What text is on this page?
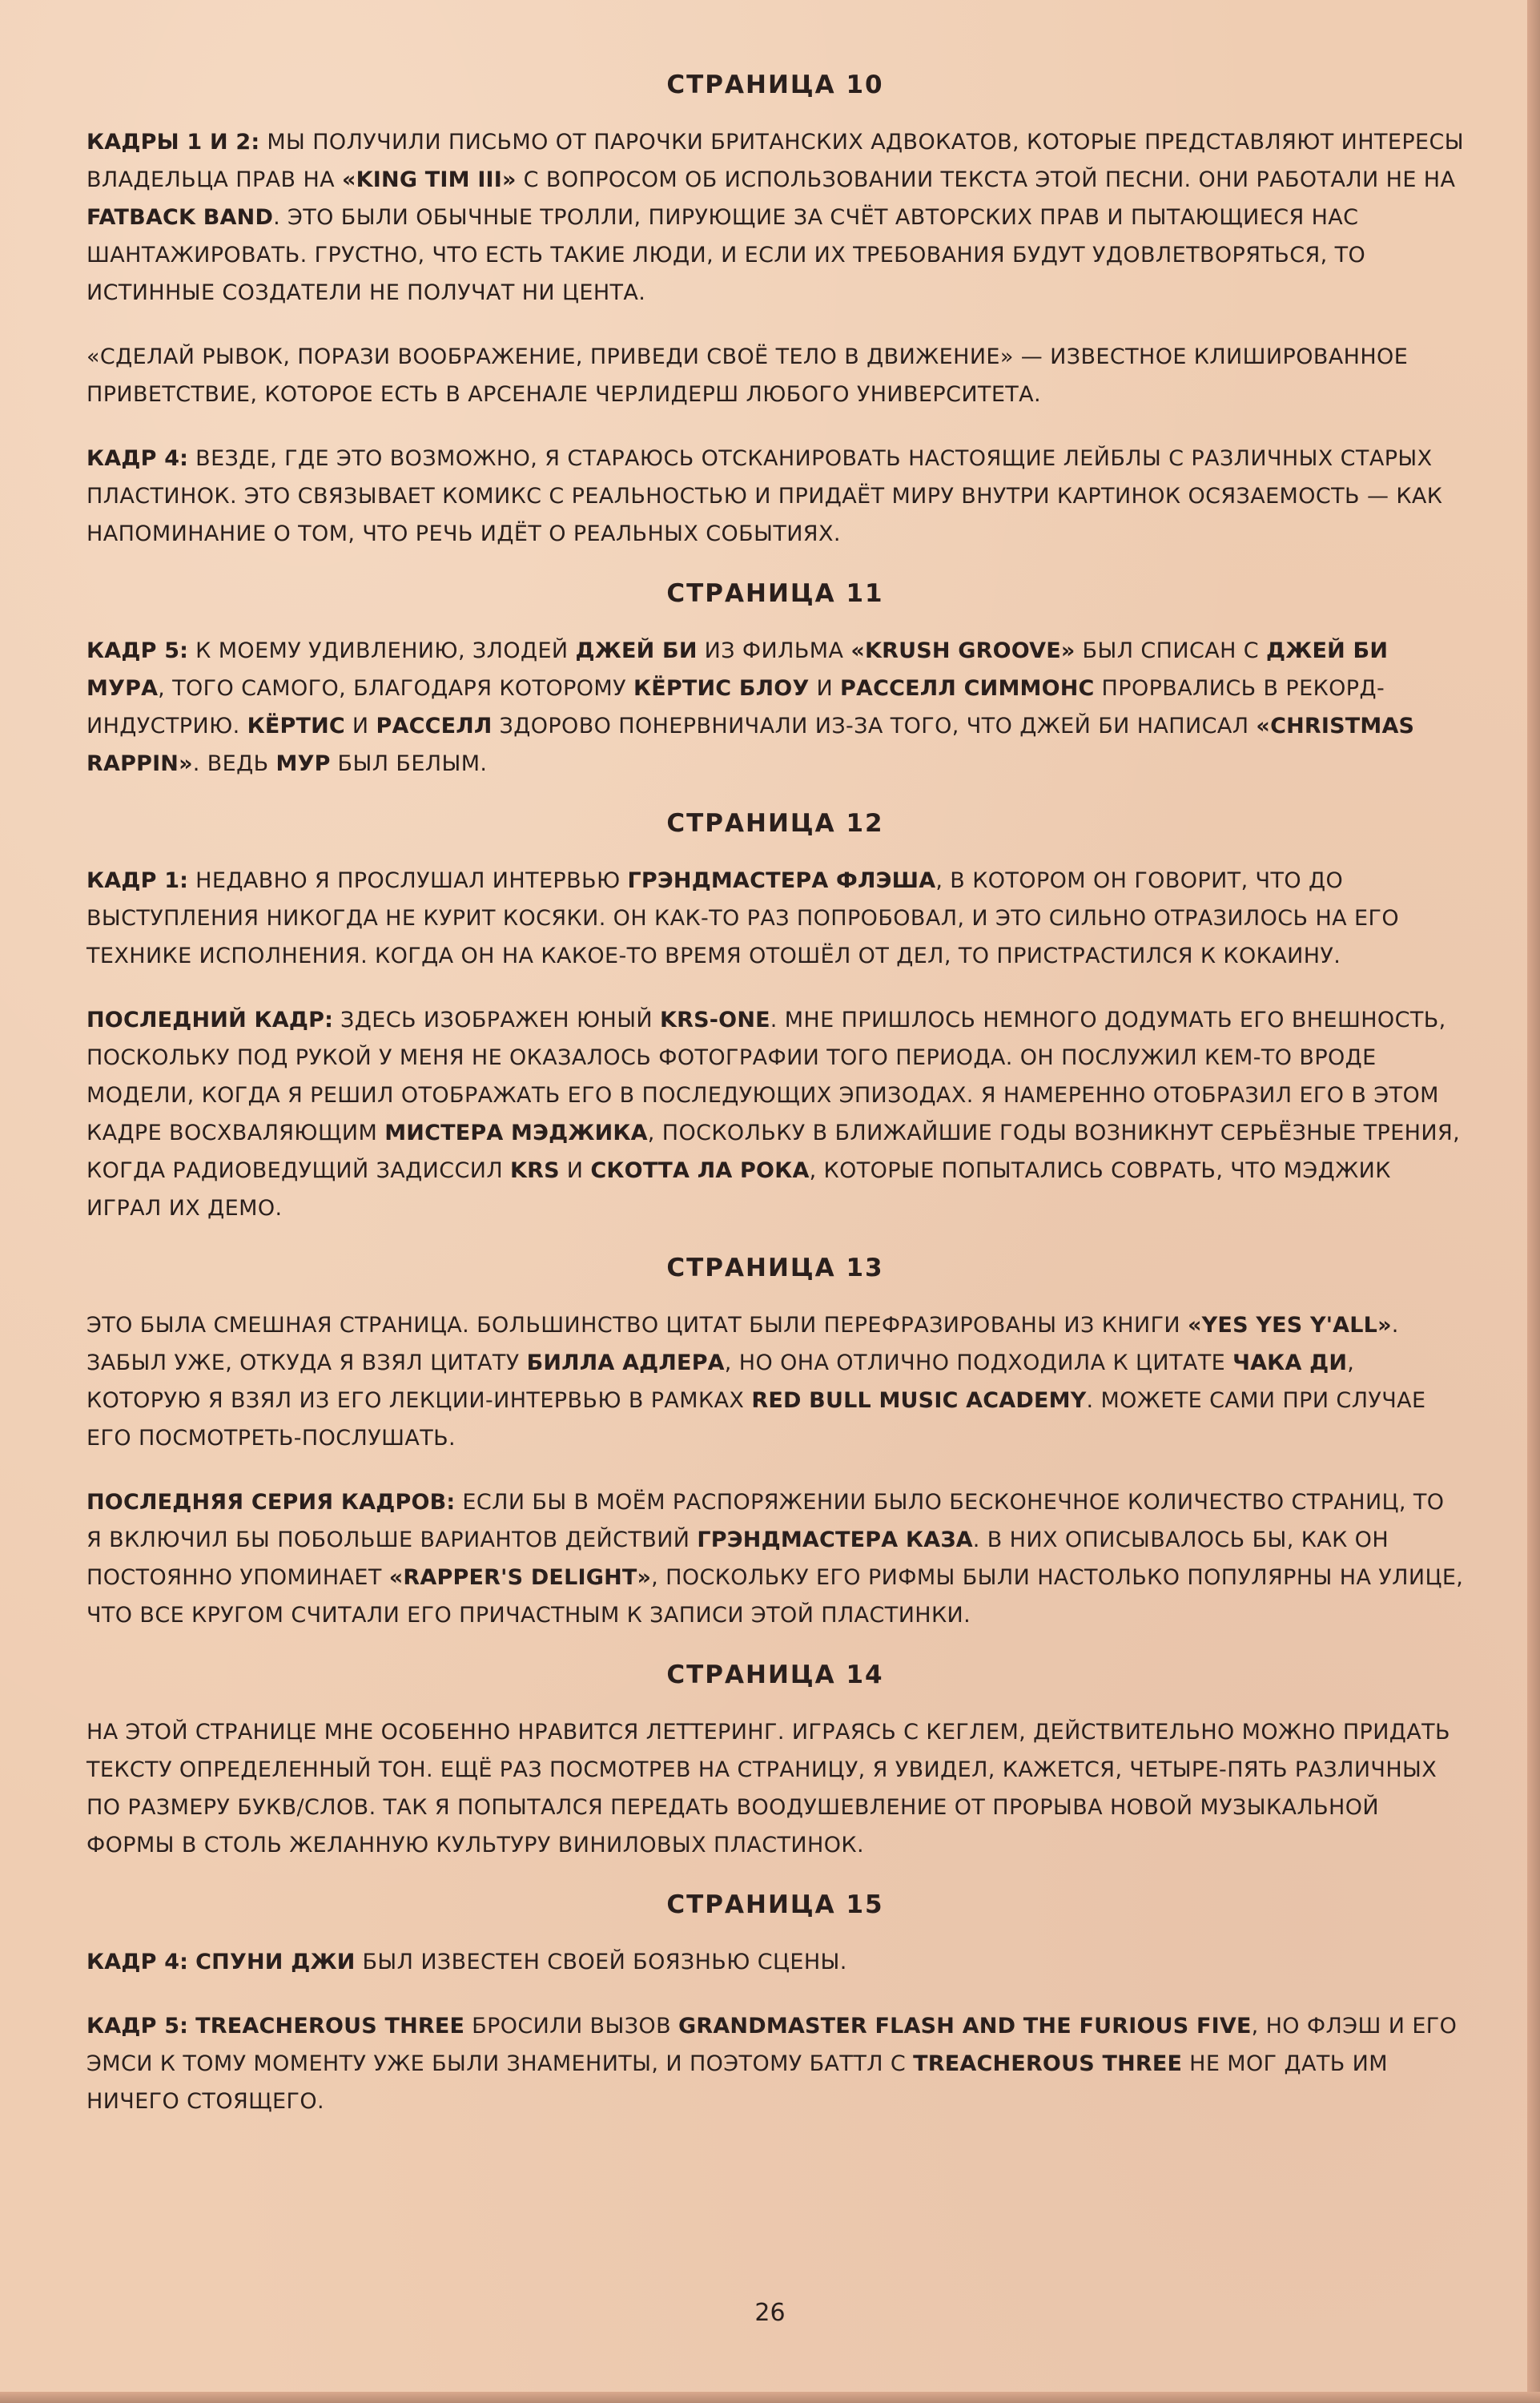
СТРАНИЦА 10

КАДРЫ 1 И 2: МЫ ПОЛУЧИЛИ ПИСЬМО ОТ ПАРОЧКИ БРИТАНСКИХ АДВОКАТОВ, КОТОРЫЕ ПРЕДСТАВЛЯЮТ ИНТЕРЕСЫ ВЛАДЕЛЬЦА ПРАВ НА «KING TIM III» С ВОПРОСОМ ОБ ИСПОЛЬЗОВАНИИ ТЕКСТА ЭТОЙ ПЕСНИ. ОНИ РАБОТАЛИ НЕ НА FATBACK BAND. ЭТО БЫЛИ ОБЫЧНЫЕ ТРОЛЛИ, ПИРУЮЩИЕ ЗА СЧЁТ АВТОРСКИХ ПРАВ И ПЫТАЮЩИЕСЯ НАС ШАНТАЖИРОВАТЬ. ГРУСТНО, ЧТО ЕСТЬ ТАКИЕ ЛЮДИ, И ЕСЛИ ИХ ТРЕБОВАНИЯ БУДУТ УДОВЛЕТВОРЯТЬСЯ, ТО ИСТИННЫЕ СОЗДАТЕЛИ НЕ ПОЛУЧАТ НИ ЦЕНТА.

«СДЕЛАЙ РЫВОК, ПОРАЗИ ВООБРАЖЕНИЕ, ПРИВЕДИ СВОЁ ТЕЛО В ДВИЖЕНИЕ» — ИЗВЕСТНОЕ КЛИШИРОВАННОЕ ПРИВЕТСТВИЕ, КОТОРОЕ ЕСТЬ В АРСЕНАЛЕ ЧЕРЛИДЕРШ ЛЮБОГО УНИВЕРСИТЕТА.

КАДР 4: ВЕЗДЕ, ГДЕ ЭТО ВОЗМОЖНО, Я СТАРАЮСЬ ОТСКАНИРОВАТЬ НАСТОЯЩИЕ ЛЕЙБЛЫ С РАЗЛИЧНЫХ СТАРЫХ ПЛАСТИНОК. ЭТО СВЯЗЫВАЕТ КОМИКС С РЕАЛЬНОСТЬЮ И ПРИДАЁТ МИРУ ВНУТРИ КАРТИНОК ОСЯЗАЕМОСТЬ — КАК НАПОМИНАНИЕ О ТОМ, ЧТО РЕЧЬ ИДЁТ О РЕАЛЬНЫХ СОБЫТИЯХ.

СТРАНИЦА 11

КАДР 5: К МОЕМУ УДИВЛЕНИЮ, ЗЛОДЕЙ ДЖЕЙ БИ ИЗ ФИЛЬМА «KRUSH GROOVE» БЫЛ СПИСАН С ДЖЕЙ БИ МУРА, ТОГО САМОГО, БЛАГОДАРЯ КОТОРОМУ КЁРТИС БЛОУ И РАССЕЛЛ СИММОНС ПРОРВАЛИСЬ В РЕКОРД-ИНДУСТРИЮ. КЁРТИС И РАССЕЛЛ ЗДОРОВО ПОНЕРВНИЧАЛИ ИЗ-ЗА ТОГО, ЧТО ДЖЕЙ БИ НАПИСАЛ «CHRISTMAS RAPPIN». ВЕДЬ МУР БЫЛ БЕЛЫМ.

СТРАНИЦА 12

КАДР 1: НЕДАВНО Я ПРОСЛУШАЛ ИНТЕРВЬЮ ГРЭНДМАСТЕРА ФЛЭША, В КОТОРОМ ОН ГОВОРИТ, ЧТО ДО ВЫСТУПЛЕНИЯ НИКОГДА НЕ КУРИТ КОСЯКИ. ОН КАК-ТО РАЗ ПОПРОБОВАЛ, И ЭТО СИЛЬНО ОТРАЗИЛОСЬ НА ЕГО ТЕХНИКЕ ИСПОЛНЕНИЯ. КОГДА ОН НА КАКОЕ-ТО ВРЕМЯ ОТОШЁЛ ОТ ДЕЛ, ТО ПРИСТРАСТИЛСЯ К КОКАИНУ.

ПОСЛЕДНИЙ КАДР: ЗДЕСЬ ИЗОБРАЖЕН ЮНЫЙ KRS-ONE. МНЕ ПРИШЛОСЬ НЕМНОГО ДОДУМАТЬ ЕГО ВНЕШНОСТЬ, ПОСКОЛЬКУ ПОД РУКОЙ У МЕНЯ НЕ ОКАЗАЛОСЬ ФОТОГРАФИИ ТОГО ПЕРИОДА. ОН ПОСЛУЖИЛ КЕМ-ТО ВРОДЕ МОДЕЛИ, КОГДА Я РЕШИЛ ОТОБРАЖАТЬ ЕГО В ПОСЛЕДУЮЩИХ ЭПИЗОДАХ. Я НАМЕРЕННО ОТОБРАЗИЛ ЕГО В ЭТОМ КАДРЕ ВОСХВАЛЯЮЩИМ МИСТЕРА МЭДЖИКА, ПОСКОЛЬКУ В БЛИЖАЙШИЕ ГОДЫ ВОЗНИКНУТ СЕРЬЁЗНЫЕ ТРЕНИЯ, КОГДА РАДИОВЕДУЩИЙ ЗАДИССИЛ KRS И СКОТТА ЛА РОКА, КОТОРЫЕ ПОПЫТАЛИСЬ СОВРАТЬ, ЧТО МЭДЖИК ИГРАЛ ИХ ДЕМО.

СТРАНИЦА 13

ЭТО БЫЛА СМЕШНАЯ СТРАНИЦА. БОЛЬШИНСТВО ЦИТАТ БЫЛИ ПЕРЕФРАЗИРОВАНЫ ИЗ КНИГИ «YES YES Y'ALL». ЗАБЫЛ УЖЕ, ОТКУДА Я ВЗЯЛ ЦИТАТУ БИЛЛА АДЛЕРА, НО ОНА ОТЛИЧНО ПОДХОДИЛА К ЦИТАТЕ ЧАКА ДИ, КОТОРУЮ Я ВЗЯЛ ИЗ ЕГО ЛЕКЦИИ-ИНТЕРВЬЮ В РАМКАХ RED BULL MUSIC ACADEMY. МОЖЕТЕ САМИ ПРИ СЛУЧАЕ ЕГО ПОСМОТРЕТЬ-ПОСЛУШАТЬ.

ПОСЛЕДНЯЯ СЕРИЯ КАДРОВ: ЕСЛИ БЫ В МОЁМ РАСПОРЯЖЕНИИ БЫЛО БЕСКОНЕЧНОЕ КОЛИЧЕСТВО СТРАНИЦ, ТО Я ВКЛЮЧИЛ БЫ ПОБОЛЬШЕ ВАРИАНТОВ ДЕЙСТВИЙ ГРЭНДМАСТЕРА КАЗА. В НИХ ОПИСЫВАЛОСЬ БЫ, КАК ОН ПОСТОЯННО УПОМИНАЕТ «RAPPER'S DELIGHT», ПОСКОЛЬКУ ЕГО РИФМЫ БЫЛИ НАСТОЛЬКО ПОПУЛЯРНЫ НА УЛИЦЕ, ЧТО ВСЕ КРУГОМ СЧИТАЛИ ЕГО ПРИЧАСТНЫМ К ЗАПИСИ ЭТОЙ ПЛАСТИНКИ.

СТРАНИЦА 14

НА ЭТОЙ СТРАНИЦЕ МНЕ ОСОБЕННО НРАВИТСЯ ЛЕТТЕРИНГ. ИГРАЯСЬ С КЕГЛЕМ, ДЕЙСТВИТЕЛЬНО МОЖНО ПРИДАТЬ ТЕКСТУ ОПРЕДЕЛЕННЫЙ ТОН. ЕЩЁ РАЗ ПОСМОТРЕВ НА СТРАНИЦУ, Я УВИДЕЛ, КАЖЕТСЯ, ЧЕТЫРЕ-ПЯТЬ РАЗЛИЧНЫХ ПО РАЗМЕРУ БУКВ/СЛОВ. ТАК Я ПОПЫТАЛСЯ ПЕРЕДАТЬ ВООДУШЕВЛЕНИЕ ОТ ПРОРЫВА НОВОЙ МУЗЫКАЛЬНОЙ ФОРМЫ В СТОЛЬ ЖЕЛАННУЮ КУЛЬТУРУ ВИНИЛОВЫХ ПЛАСТИНОК.

СТРАНИЦА 15

КАДР 4: СПУНИ ДЖИ БЫЛ ИЗВЕСТЕН СВОЕЙ БОЯЗНЬЮ СЦЕНЫ.

КАДР 5: TREACHEROUS THREE БРОСИЛИ ВЫЗОВ GRANDMASTER FLASH AND THE FURIOUS FIVE, НО ФЛЭШ И ЕГО ЭМСИ К ТОМУ МОМЕНТУ УЖЕ БЫЛИ ЗНАМЕНИТЫ, И ПОЭТОМУ БАТТЛ С TREACHEROUS THREE НЕ МОГ ДАТЬ ИМ НИЧЕГО СТОЯЩЕГО.

26
